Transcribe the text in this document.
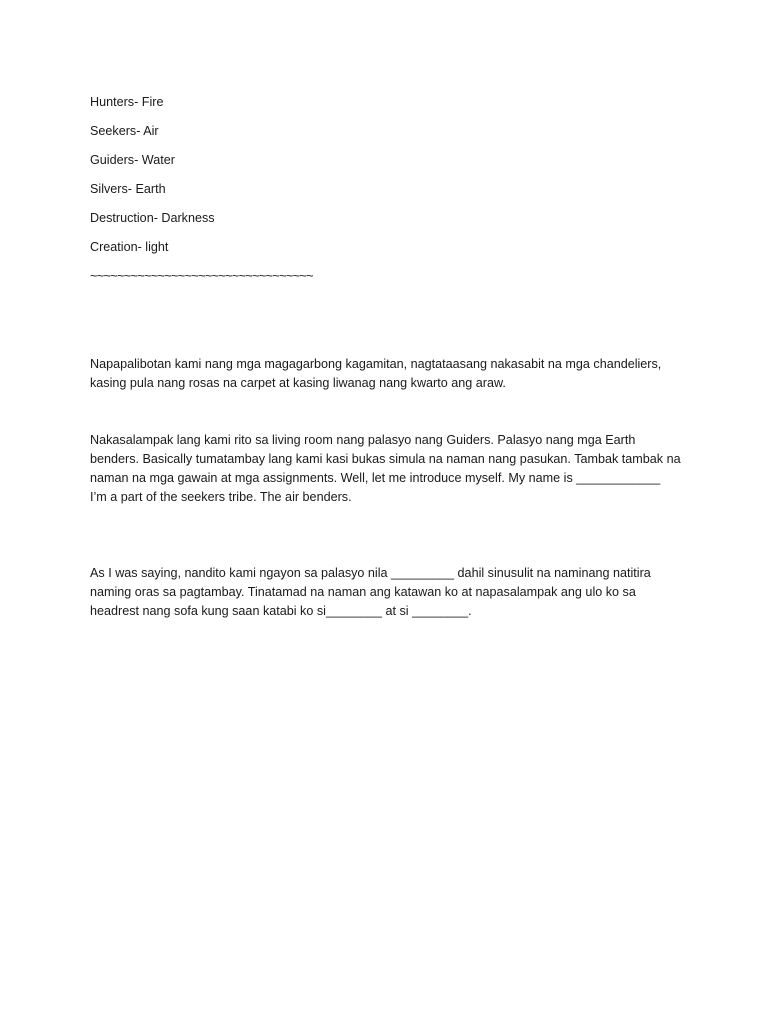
Hunters- Fire
Seekers- Air
Guiders- Water
Silvers- Earth
Destruction- Darkness
Creation- light
~~~~~~~~~~~~~~~~~~~~~~~~~~~~~~~~~

Napapalibotan kami nang mga magagarbong kagamitan, nagtataasang nakasabit na mga chandeliers,
kasing pula nang rosas na carpet at kasing liwanag nang kwarto ang araw.

Nakasalampak lang kami rito sa living room nang palasyo nang Guiders. Palasyo nang mga Earth
benders. Basically tumatambay lang kami kasi bukas simula na naman nang pasukan. Tambak tambak na
naman na mga gawain at mga assignments. Well, let me introduce myself. My name is ____________
I’m a part of the seekers tribe. The air benders.

As I was saying, nandito kami ngayon sa palasyo nila _________ dahil sinusulit na naminang natitira
naming oras sa pagtambay. Tinatamad na naman ang katawan ko at napasalampak ang ulo ko sa
headrest nang sofa kung saan katabi ko si________ at si ________.
